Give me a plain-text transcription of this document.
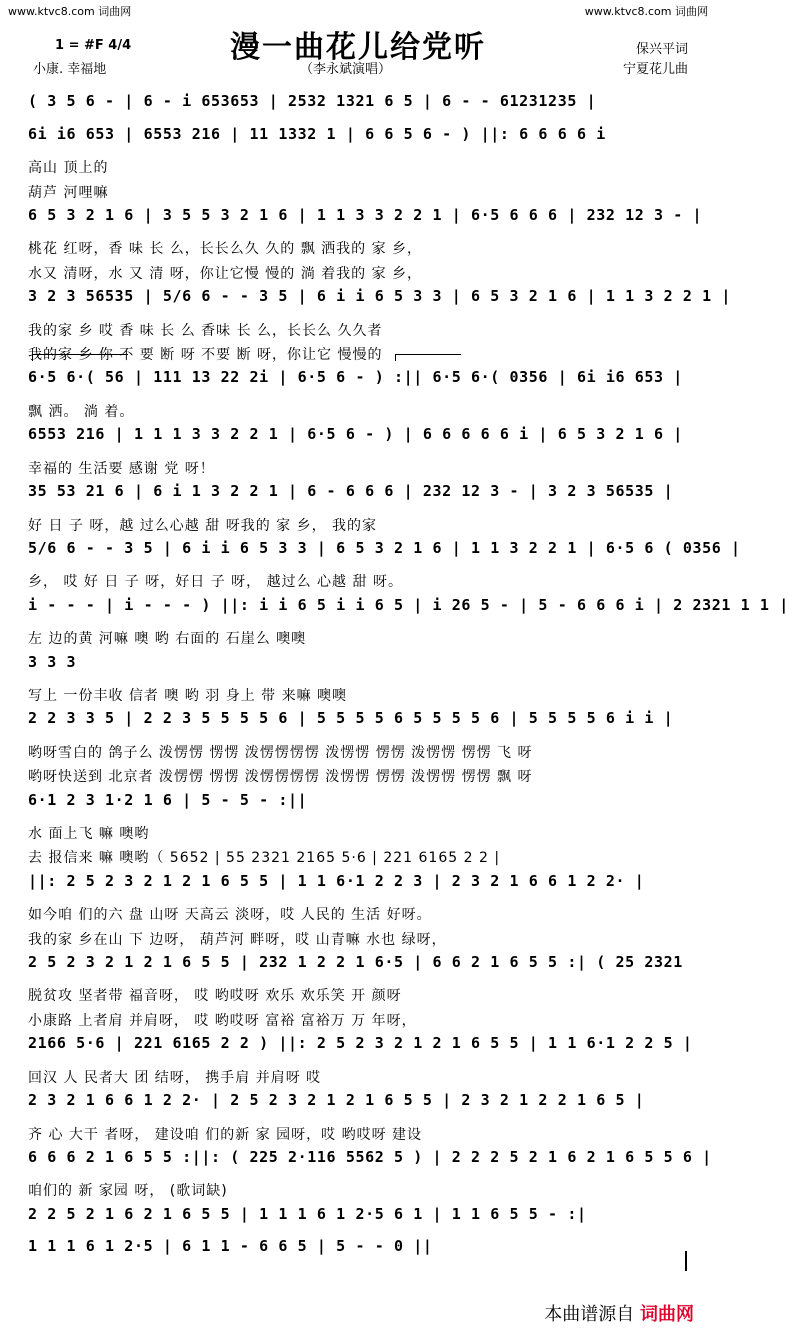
www.ktvc8.com 词曲网	www.ktvc8.com 词曲网
漫一曲花儿给党听
1 = #F 4/4
小康. 幸福地	（李永斌演唱）
保兴平词
宁夏花儿曲
( 3 5 6 - | 6 - i 653653 | 2532 1321 6 5 | 6 - - 61231235 |
6i i6 653 | 6553 216 | 11 1332 1 | 6 6 5 6 - ) ||: 6 6 6 6 i
高山 顶上的
葫芦 河哩嘛
6 5 3 2 1 6 | 3 5 5 3 2 1 6 | 1 1 3 3 2 2 1 | 6·5 6 6 6 | 232 12 3 - |
桃花 红呀，香 味 长 么，长长么久 久的 飘 洒我的 家 乡，
水又 清呀，水 又 清 呀，你让它慢 慢的 淌 着我的 家 乡，
3 2 3 56535 | 5/6 6 - - 3 5 | 6 i i 6 5 3 3 | 6 5 3 2 1 6 | 1 1 3 2 2 1 |
我的家 乡 哎 香 味 长 么 香味 长 么，长长么 久久者
我的家 乡 你 不 要 断 呀 不要 断 呀，你让它 慢慢的
6·5 6·( 56 | 111 13 22 2i | 6·5 6 - ) :|| 6·5 6·( 0356 | 6i i6 653 |
飘 洒。 淌 着。
6553 216 | 1 1 1 3 3 2 2 1 | 6·5 6 - ) | 6 6 6 6 6 i | 6 5 3 2 1 6 |
幸福的 生活要 感谢 党 呀！
35 53 21 6 | 6 i 1 3 2 2 1 | 6 - 6 6 6 | 232 12 3 - | 3 2 3 56535 |
好 日 子 呀，越 过么心越 甜 呀我的 家 乡， 我的家
5/6 6 - - 3 5 | 6 i i 6 5 3 3 | 6 5 3 2 1 6 | 1 1 3 2 2 1 | 6·5 6 ( 0356 |
乡， 哎 好 日 子 呀，好日 子 呀， 越过么 心越 甜 呀。
i - - - | i - - - ) ||: i i 6 5 i i 6 5 | i 26 5 - | 5 - 6 6 6 i | 2 2321 1 1 |
左 边的黄 河嘛 噢 哟 右面的 石崖么 噢噢
3 3 3
写上 一份丰收 信者 噢 哟 羽 身上 带 来嘛 噢噢
2 2 3 3 5 | 2 2 3 5 5 5 5 6 | 5 5 5 5 6 5 5 5 5 6 | 5 5 5 5 6 i i |
哟呀雪白的 鸽子么 泼愣愣 愣愣 泼愣愣愣愣 泼愣愣 愣愣 泼愣愣 愣愣 飞 呀
哟呀快送到 北京者 泼愣愣 愣愣 泼愣愣愣愣 泼愣愣 愣愣 泼愣愣 愣愣 飘 呀
6·1 2 3 1·2 1 6 | 5 - 5 - :||
水 面上飞 嘛 噢哟
去 报信来 嘛 噢哟（ 5652 | 55 2321 2165 5·6 | 221 6165 2 2 |
||: 2 5 2 3 2 1 2 1 6 5 5 | 1 1 6·1 2 2 3 | 2 3 2 1 6 6 1 2 2· |
如今咱 们的六 盘 山呀 天高云 淡呀，哎 人民的 生活 好呀。
我的家 乡在山 下 边呀， 葫芦河 畔呀，哎 山青嘛 水也 绿呀，
2 5 2 3 2 1 2 1 6 5 5 | 232 1 2 2 1 6·5 | 6 6 2 1 6 5 5 :| ( 25 2321
脱贫攻 坚者带 福音呀， 哎 哟哎呀 欢乐 欢乐笑 开 颜呀
小康路 上者肩 并肩呀， 哎 哟哎呀 富裕 富裕万 万 年呀，
2166 5·6 | 221 6165 2 2 ) ||: 2 5 2 3 2 1 2 1 6 5 5 | 1 1 6·1 2 2 5 |
回汉 人 民者大 团 结呀， 携手肩 并肩呀 哎
2 3 2 1 6 6 1 2 2· | 2 5 2 3 2 1 2 1 6 5 5 | 2 3 2 1 2 2 1 6 5 |
齐 心 大干 者呀， 建设咱 们的新 家 园呀，哎 哟哎呀 建设
6 6 6 2 1 6 5 5 :||: ( 225 2·116 5562 5 ) | 2 2 2 5 2 1 6 2 1 6 5 5 6 |
咱们的 新 家园 呀， (歌词缺)
2 2 5 2 1 6 2 1 6 5 5 | 1 1 1 6 1 2·5 6 1 | 1 1 6 5 5 - :|
1 1 1 6 1 2·5 | 6 1 1 - 6 6 5 | 5 - - 0 ||
本曲谱源自 词曲网
